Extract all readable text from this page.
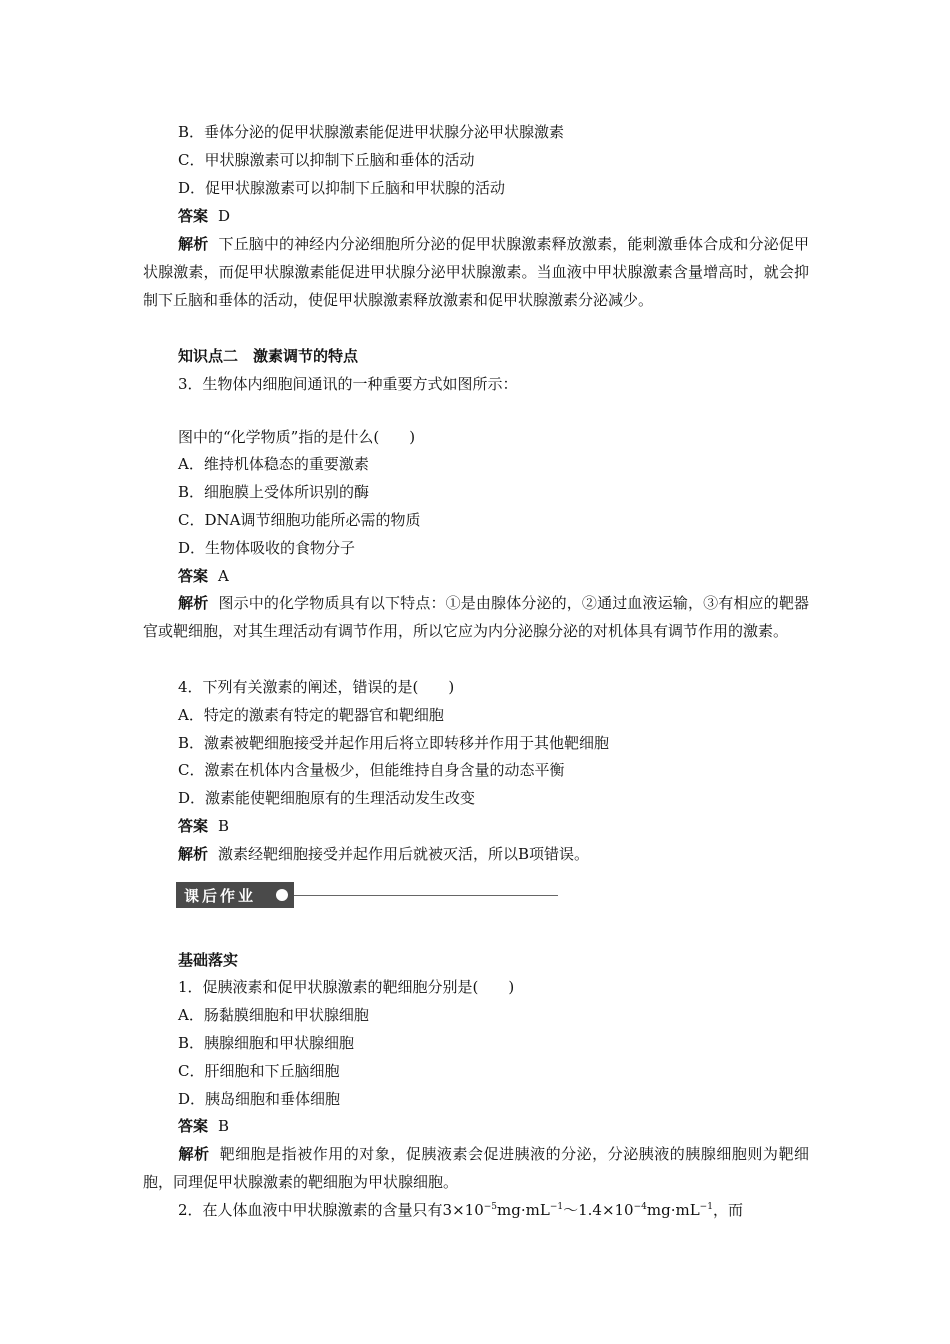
B．垂体分泌的促甲状腺激素能促进甲状腺分泌甲状腺激素
C．甲状腺激素可以抑制下丘脑和垂体的活动
D．促甲状腺激素可以抑制下丘脑和甲状腺的活动
答案 D
解析 下丘脑中的神经内分泌细胞所分泌的促甲状腺激素释放激素，能刺激垂体合成和分泌促甲状腺激素，而促甲状腺激素能促进甲状腺分泌甲状腺激素。当血液中甲状腺激素含量增高时，就会抑制下丘脑和垂体的活动，使促甲状腺激素释放激素和促甲状腺激素分泌减少。
知识点二　激素调节的特点
3．生物体内细胞间通讯的一种重要方式如图所示：
图中的“化学物质”指的是什么(　　)
A．维持机体稳态的重要激素
B．细胞膜上受体所识别的酶
C．DNA调节细胞功能所必需的物质
D．生物体吸收的食物分子
答案 A
解析 图示中的化学物质具有以下特点：①是由腺体分泌的，②通过血液运输，③有相应的靶器官或靶细胞，对其生理活动有调节作用，所以它应为内分泌腺分泌的对机体具有调节作用的激素。
4．下列有关激素的阐述，错误的是(　　)
A．特定的激素有特定的靶器官和靶细胞
B．激素被靶细胞接受并起作用后将立即转移并作用于其他靶细胞
C．激素在机体内含量极少，但能维持自身含量的动态平衡
D．激素能使靶细胞原有的生理活动发生改变
答案 B
解析 激素经靶细胞接受并起作用后就被灭活，所以B项错误。
课后作业
基础落实
1．促胰液素和促甲状腺激素的靶细胞分别是(　　)
A．肠黏膜细胞和甲状腺细胞
B．胰腺细胞和甲状腺细胞
C．肝细胞和下丘脑细胞
D．胰岛细胞和垂体细胞
答案 B
解析 靶细胞是指被作用的对象，促胰液素会促进胰液的分泌，分泌胰液的胰腺细胞则为靶细胞，同理促甲状腺激素的靶细胞为甲状腺细胞。
2．在人体血液中甲状腺激素的含量只有$3\times 10^{-5}mg\cdot mL^{-1}\sim 1.4\times 10^{-4}mg\cdot mL^{-1}$，而
